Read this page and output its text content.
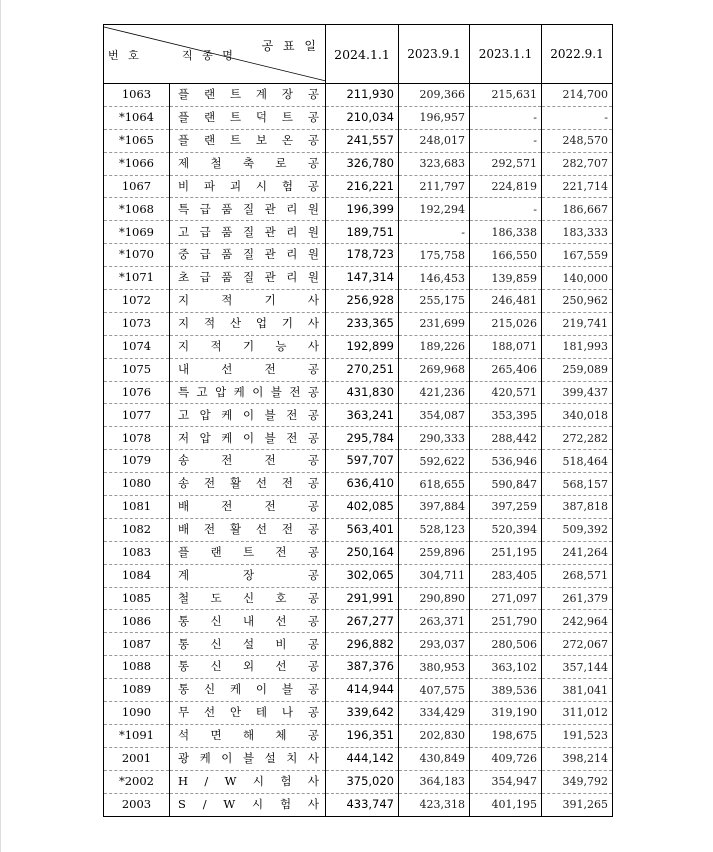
공 표 일
번 호 직 종 명		2024.1.1	2023.9.1	2023.1.1	2022.9.1
1063	플 랜 트 계 장 공	211,930	209,366	215,631	214,700
*1064	플 랜 트 덕 트 공	210,034	196,957	-	-
*1065	플 랜 트 보 온 공	241,557	248,017	-	248,570
*1066	제 철 축 로 공	326,780	323,683	292,571	282,707
1067	비 파 괴 시 험 공	216,221	211,797	224,819	221,714
*1068	특 급 품 질 관 리 원	196,399	192,294	-	186,667
*1069	고 급 품 질 관 리 원	189,751	-	186,338	183,333
*1070	중 급 품 질 관 리 원	178,723	175,758	166,550	167,559
*1071	초 급 품 질 관 리 원	147,314	146,453	139,859	140,000
1072	지 적 기 사	256,928	255,175	246,481	250,962
1073	지 적 산 업 기 사	233,365	231,699	215,026	219,741
1074	지 적 기 능 사	192,899	189,226	188,071	181,993
1075	내 선 전 공	270,251	269,968	265,406	259,089
1076	특 고 압 케 이 블 전 공	431,830	421,236	420,571	399,437
1077	고 압 케 이 블 전 공	363,241	354,087	353,395	340,018
1078	저 압 케 이 블 전 공	295,784	290,333	288,442	272,282
1079	송 전 전 공	597,707	592,622	536,946	518,464
1080	송 전 활 선 전 공	636,410	618,655	590,847	568,157
1081	배 전 전 공	402,085	397,884	397,259	387,818
1082	배 전 활 선 전 공	563,401	528,123	520,394	509,392
1083	플 랜 트 전 공	250,164	259,896	251,195	241,264
1084	계 장 공	302,065	304,711	283,405	268,571
1085	철 도 신 호 공	291,991	290,890	271,097	261,379
1086	통 신 내 선 공	267,277	263,371	251,790	242,964
1087	통 신 설 비 공	296,882	293,037	280,506	272,067
1088	통 신 외 선 공	387,376	380,953	363,102	357,144
1089	통 신 케 이 블 공	414,944	407,575	389,536	381,041
1090	무 선 안 테 나 공	339,642	334,429	319,190	311,012
*1091	석 면 해 체 공	196,351	202,830	198,675	191,523
2001	광 케 이 블 설 치 사	444,142	430,849	409,726	398,214
*2002	H / W 시 험 사	375,020	364,183	354,947	349,792
2003	S / W 시 험 사	433,747	423,318	401,195	391,265
